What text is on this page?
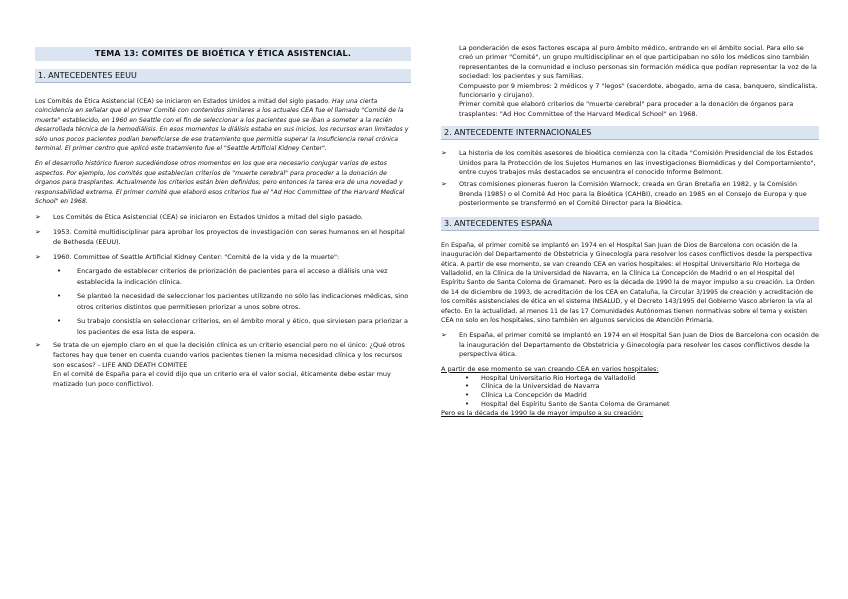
TEMA 13: COMITES DE BIOÉTICA Y ÉTICA ASISTENCIAL.
1. ANTECEDENTES EEUU

Los Comités de Ética Asistencial (CEA) se iniciaron en Estados Unidos a mitad del siglo pasado. Hay una cierta coincidencia en señalar que el primer Comité con contenidos similares a los actuales CEA fue el llamado "Comité de la muerte" establecido, en 1960 en Seattle con el fin de seleccionar a los pacientes que se iban a someter a la recién desarrollada técnica de la hemodiálisis. En esos momentos la diálisis estaba en sus inicios, los recursos eran limitados y sólo unos pocos pacientes podían beneficiarse de ese tratamiento que permitía superar la insuficiencia renal crónica terminal. El primer centro que aplicó este tratamiento fue el "Seattle Artificial Kidney Center".

En el desarrollo histórico fueron sucediéndose otros momentos en los que era necesario conjugar varios de estos aspectos. Por ejemplo, los comités que establecían criterios de "muerte cerebral" para proceder a la donación de órganos para trasplantes. Actualmente los criterios están bien definidos, pero entonces la tarea era de una novedad y responsabilidad extrema. El primer comité que elaboró esos criterios fue el "Ad Hoc Committee of the Harvard Medical School" en 1968.

➢ Los Comités de Ética Asistencial (CEA) se iniciaron en Estados Unidos a mitad del siglo pasado.
➢ 1953. Comité multidisciplinar para aprobar los proyectos de investigación con seres humanos en el hospital de Bethesda (EEUU).
➢ 1960. Committee of Seattle Artificial Kidney Center: "Comité de la vida y de la muerte":
• Encargado de establecer criterios de priorización de pacientes para el acceso a diálisis una vez establecida la indicación clínica.
• Se planteó la necesidad de seleccionar los pacientes utilizando no sólo las indicaciones médicas, sino otros criterios distintos que permitiesen priorizar a unos sobre otros.
• Su trabajo consistía en seleccionar criterios, en el ámbito moral y ético, que sirviesen para priorizar a los pacientes de esa lista de espera.
➢ Se trata de un ejemplo claro en el que la decisión clínica es un criterio esencial pero no el único: ¿Qué otros factores hay que tener en cuenta cuando varios pacientes tienen la misma necesidad clínica y los recursos son escasos? - LIFE AND DEATH COMITEE
En el comité de España para el covid dijo que un criterio era el valor social, éticamente debe estar muy matizado (un poco conflictivo).

La ponderación de esos factores escapa al puro ámbito médico, entrando en el ámbito social. Para ello se creó un primer "Comité", un grupo multidisciplinar en el que participaban no sólo los médicos sino también representantes de la comunidad e incluso personas sin formación médica que podían representar la voz de la sociedad: los pacientes y sus familias.

Compuesto por 9 miembros: 2 médicos y 7 "legos" (sacerdote, abogado, ama de casa, banquero, sindicalista, funcionario y cirujano).

Primer comité que elaboró criterios de "muerte cerebral" para proceder a la donación de órganos para trasplantes: "Ad Hoc Committee of the Harvard Medical School" en 1968.

2. ANTECEDENTE INTERNACIONALES
➢ La historia de los comités asesores de bioética comienza con la citada "Comisión Presidencial de los Estados Unidos para la Protección de los Sujetos Humanos en las investigaciones Biomédicas y del Comportamiento", entre cuyos trabajos más destacados se encuentra el conocido Informe Belmont.
➢ Otras comisiones pioneras fueron la Comisión Warnock, creada en Gran Bretaña en 1982, y la Comisión Brenda (1985) o el Comité Ad Hoc para la Bioética (CAHBI), creado en 1985 en el Consejo de Europa y que posteriormente se transformó en el Comité Director para la Bioética.
3. ANTECEDENTES ESPAÑA

En España, el primer comité se implantó en 1974 en el Hospital San Juan de Dios de Barcelona con ocasión de la inauguración del Departamento de Obstetricia y Ginecología para resolver los casos conflictivos desde la perspectiva ética. A partir de ese momento, se van creando CEA en varios hospitales: el Hospital Universitario Río Hortega de Valladolid, en la Clínica de la Universidad de Navarra, en la Clínica La Concepción de Madrid o en el Hospital del Espíritu Santo de Santa Coloma de Gramanet. Pero es la década de 1990 la de mayor impulso a su creación. La Orden de 14 de diciembre de 1993, de acreditación de los CEA en Cataluña, la Circular 3/1995 de creación y acreditación de los comités asistenciales de ética en el sistema INSALUD, y el Decreto 143/1995 del Gobierno Vasco abrieron la vía al efecto. En la actualidad, al menos 11 de las 17 Comunidades Autónomas tienen normativas sobre el tema y existen CEA no solo en los hospitales, sino también en algunos servicios de Atención Primaria.

➢ En España, el primer comité se implantó en 1974 en el Hospital San Juan de Dios de Barcelona con ocasión de la inauguración del Departamento de Obstetricia y Ginecología para resolver los casos conflictivos desde la perspectiva ética.

A partir de ese momento se van creando CEA en varios hospitales:

• Hospital Universitario Rio Hortega de Valladolid
• Clínica de la Universidad de Navarra
• Clínica La Concepción de Madrid
• Hospital del Espíritu Santo de Santa Coloma de Gramanet

Pero es la década de 1990 la de mayor impulso a su creación:
